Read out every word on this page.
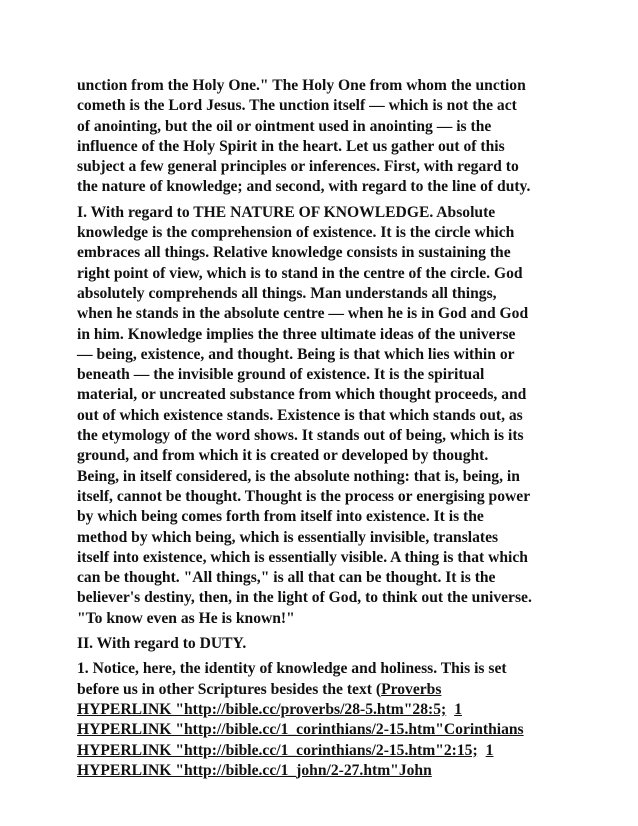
unction from the Holy One." The Holy One from whom the unction
cometh is the Lord Jesus. The unction itself — which is not the act
of anointing, but the oil or ointment used in anointing — is the
influence of the Holy Spirit in the heart. Let us gather out of this
subject a few general principles or inferences. First, with regard to
the nature of knowledge; and second, with regard to the line of duty.

I. With regard to THE NATURE OF KNOWLEDGE. Absolute
knowledge is the comprehension of existence. It is the circle which
embraces all things. Relative knowledge consists in sustaining the
right point of view, which is to stand in the centre of the circle. God
absolutely comprehends all things. Man understands all things,
when he stands in the absolute centre — when he is in God and God
in him. Knowledge implies the three ultimate ideas of the universe
— being, existence, and thought. Being is that which lies within or
beneath — the invisible ground of existence. It is the spiritual
material, or uncreated substance from which thought proceeds, and
out of which existence stands. Existence is that which stands out, as
the etymology of the word shows. It stands out of being, which is its
ground, and from which it is created or developed by thought.
Being, in itself considered, is the absolute nothing: that is, being, in
itself, cannot be thought. Thought is the process or energising power
by which being comes forth from itself into existence. It is the
method by which being, which is essentially invisible, translates
itself into existence, which is essentially visible. A thing is that which
can be thought. "All things," is all that can be thought. It is the
believer's destiny, then, in the light of God, to think out the universe.
"To know even as He is known!"

II. With regard to DUTY.

1. Notice, here, the identity of knowledge and holiness. This is set
before us in other Scriptures besides the text (Proverbs
HYPERLINK "http://bible.cc/proverbs/28-5.htm"28:5; 1
HYPERLINK "http://bible.cc/1_corinthians/2-15.htm"Corinthians
HYPERLINK "http://bible.cc/1_corinthians/2-15.htm"2:15; 1
HYPERLINK "http://bible.cc/1_john/2-27.htm"John
